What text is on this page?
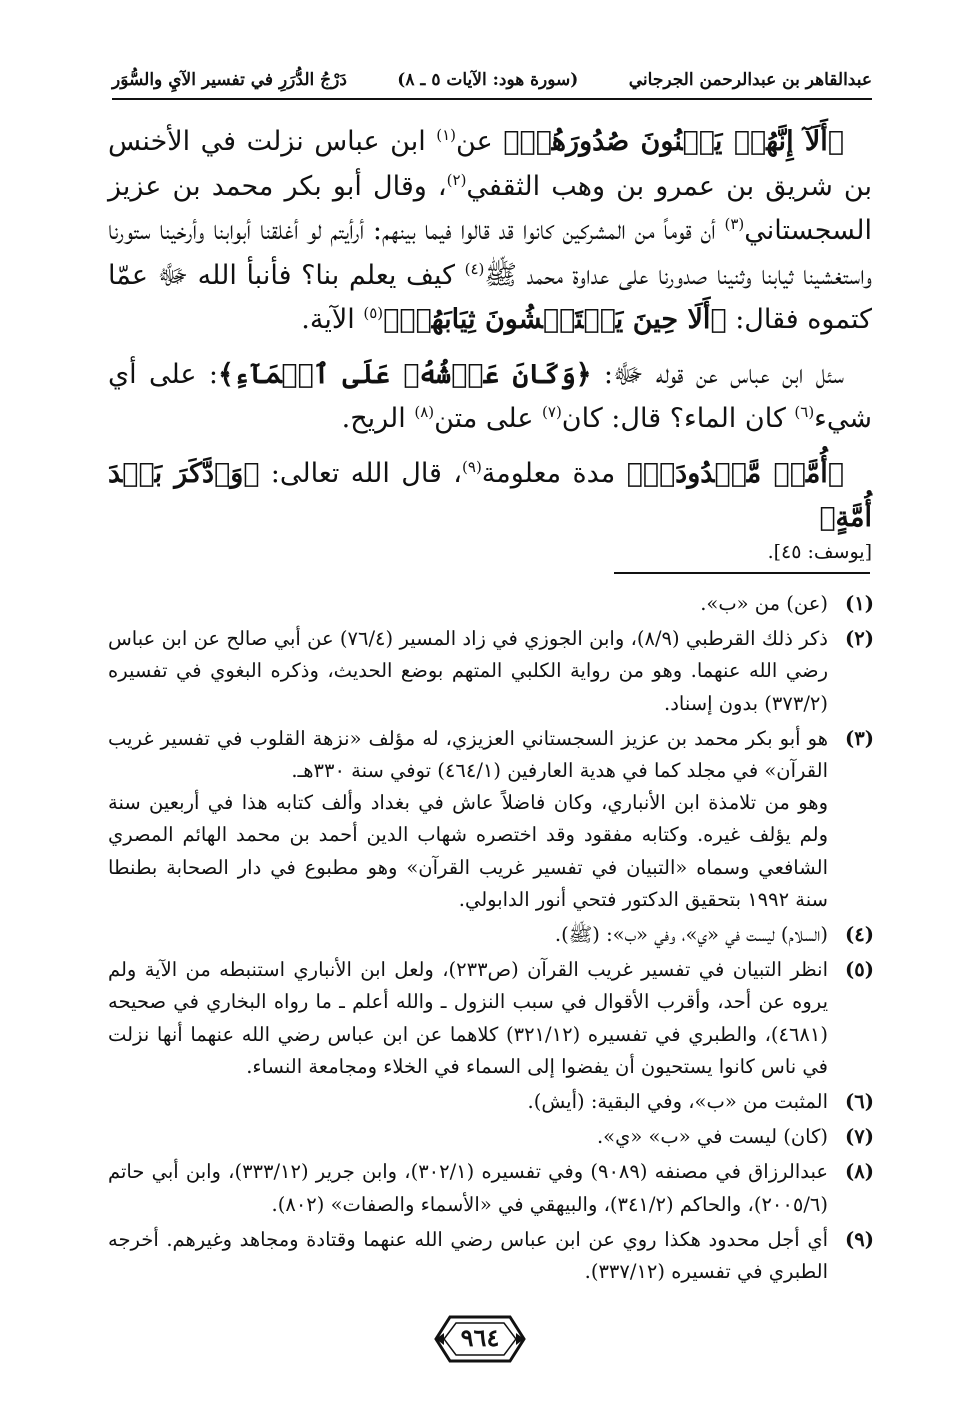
عبدالقاهر بن عبدالرحمن الجرجاني
(سورة هود: الآيات ٥ ـ ٨)
دَرْجُ الدُّرَرِ في تفسير الآيِ والسُّوَر

﴿أَلَآ إِنَّهُمۡ يَثۡنُونَ صُدُورَهُمۡ﴾ عن$^{(١)}$ ابن عباس نزلت في الأخنس بن شريق بن عمرو بن وهب الثقفي$^{(٢)}$، وقال أبو بكر محمد بن عزيز السجستاني$^{(٣)}$ أن قوماً من المشركين كانوا قد قالوا فيما بينهم: أرأيتم لو أغلقنا أبوابنا وأرخينا ستورنا واستغشينا ثيابنا وثنينا صدورنا على عداوة محمد ﷺ$^{(٤)}$ كيف يعلم بنا؟ فأنبأ الله ﷻ عمّا كتموه فقال: ﴿أَلَا حِينَ يَسۡتَغۡشُونَ ثِيَابَهُمۡ﴾$^{(٥)}$ الآية.

سئل ابن عباس عن قوله ﷻ: ﴿وَكَانَ عَرۡشُهُۥ عَلَى ٱلۡمَآءِ﴾: على أي شيء$^{(٦)}$ كان الماء؟ قال: كان$^{(٧)}$ على متن$^{(٨)}$ الريح.

﴿أُمَّةٖ مَّعۡدُودَةٖ﴾ مدة معلومة$^{(٩)}$، قال الله تعالى: ﴿وَٱدَّكَرَ بَعۡدَ أُمَّةٍ﴾

[يوسف: ٤٥].
(١)
(عن) من «ب».
(٢)
ذكر ذلك القرطبي (٨/٩)، وابن الجوزي في زاد المسير (٧٦/٤) عن أبي صالح عن ابن عباس رضي الله عنهما. وهو من رواية الكلبي المتهم بوضع الحديث، وذكره البغوي في تفسيره (٣٧٣/٢) بدون إسناد.
(٣)
هو أبو بكر محمد بن عزيز السجستاني العزيزي، له مؤلف «نزهة القلوب في تفسير غريب القرآن» في مجلد كما في هدية العارفين (٤٦٤/١) توفي سنة ٣٣٠هـ.
وهو من تلامذة ابن الأنباري، وكان فاضلاً عاش في بغداد وألف كتابه هذا في أربعين سنة ولم يؤلف غيره. وكتابه مفقود وقد اختصره شهاب الدين أحمد بن محمد الهائم المصري الشافعي وسماه «التبيان في تفسير غريب القرآن» وهو مطبوع في دار الصحابة بطنطا سنة ١٩٩٢ بتحقيق الدكتور فتحي أنور الدابولي.
(٤)
(السلام) ليست في «ي»، وفي «ب»: (ﷺ).
(٥)
انظر التبيان في تفسير غريب القرآن (ص٢٣٣)، ولعل ابن الأنباري استنبطه من الآية ولم يروه عن أحد، وأقرب الأقوال في سبب النزول ـ والله أعلم ـ ما رواه البخاري في صحيحه (٤٦٨١)، والطبري في تفسيره (٣٢١/١٢) كلاهما عن ابن عباس رضي الله عنهما أنها نزلت في ناس كانوا يستحيون أن يفضوا إلى السماء في الخلاء ومجامعة النساء.
(٦)
المثبت من «ب»، وفي البقية: (أيش).
(٧)
(كان) ليست في «ب» «ي».
(٨)
عبدالرزاق في مصنفه (٩٠٨٩) وفي تفسيره (٣٠٢/١)، وابن جرير (٣٣٣/١٢)، وابن أبي حاتم (٢٠٠٥/٦)، والحاكم (٣٤١/٢)، والبيهقي في «الأسماء والصفات» (٨٠٢).
(٩)
أي أجل محدود هكذا روي عن ابن عباس رضي الله عنهما وقتادة ومجاهد وغيرهم. أخرجه الطبري في تفسيره (٣٣٧/١٢).
٩٦٤
